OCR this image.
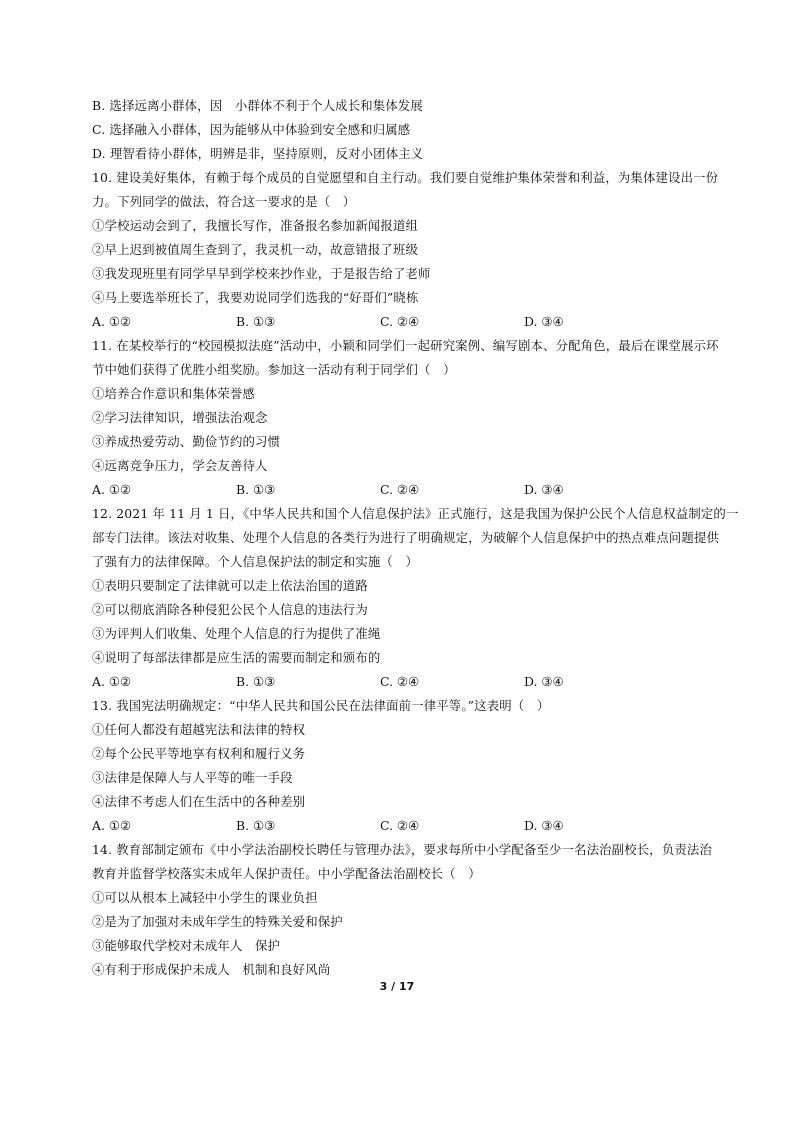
B. 选择远离小群体，因　小群体不利于个人成长和集体发展
C. 选择融入小群体，因为能够从中体验到安全感和归属感
D. 理智看待小群体，明辨是非，坚持原则，反对小团体主义
10. 建设美好集体，有赖于每个成员的自觉愿望和自主行动。我们要自觉维护集体荣誉和利益，为集体建设出一份
力。下列同学的做法，符合这一要求的是（　）
①学校运动会到了，我擅长写作，准备报名参加新闻报道组
②早上迟到被值周生查到了，我灵机一动，故意错报了班级
③我发现班里有同学早早到学校来抄作业，于是报告给了老师
④马上要选举班长了，我要劝说同学们选我的“好哥们”晓栋
A. ①②	B. ①③	C. ②④	D. ③④
11. 在某校举行的“校园模拟法庭”活动中，小颖和同学们一起研究案例、编写剧本、分配角色，最后在课堂展示环
节中她们获得了优胜小组奖励。参加这一活动有利于同学们（　）
①培养合作意识和集体荣誉感
②学习法律知识，增强法治观念
③养成热爱劳动、勤俭节约的习惯
④远离竞争压力，学会友善待人
A. ①②	B. ①③	C. ②④	D. ③④
12. 2021 年 11 月 1 日，《中华人民共和国个人信息保护法》正式施行，这是我国为保护公民个人信息权益制定的一
部专门法律。该法对收集、处理个人信息的各类行为进行了明确规定，为破解个人信息保护中的热点难点问题提供
了强有力的法律保障。个人信息保护法的制定和实施（　）
①表明只要制定了法律就可以走上依法治国的道路
②可以彻底消除各种侵犯公民个人信息的违法行为
③为评判人们收集、处理个人信息的行为提供了准绳
④说明了每部法律都是应生活的需要而制定和颁布的
A. ①②	B. ①③	C. ②④	D. ③④
13. 我国宪法明确规定：“中华人民共和国公民在法律面前一律平等。”这表明（　）
①任何人都没有超越宪法和法律的特权
②每个公民平等地享有权利和履行义务
③法律是保障人与人平等的唯一手段
④法律不考虑人们在生活中的各种差别
A. ①②	B. ①③	C. ②④	D. ③④
14. 教育部制定颁布《中小学法治副校长聘任与管理办法》，要求每所中小学配备至少一名法治副校长，负责法治
教育并监督学校落实未成年人保护责任。中小学配备法治副校长（　）
①可以从根本上减轻中小学生的课业负担
②是为了加强对未成年学生的特殊关爱和保护
③能够取代学校对未成年人　保护
④有利于形成保护未成人　机制和良好风尚
3 / 17
